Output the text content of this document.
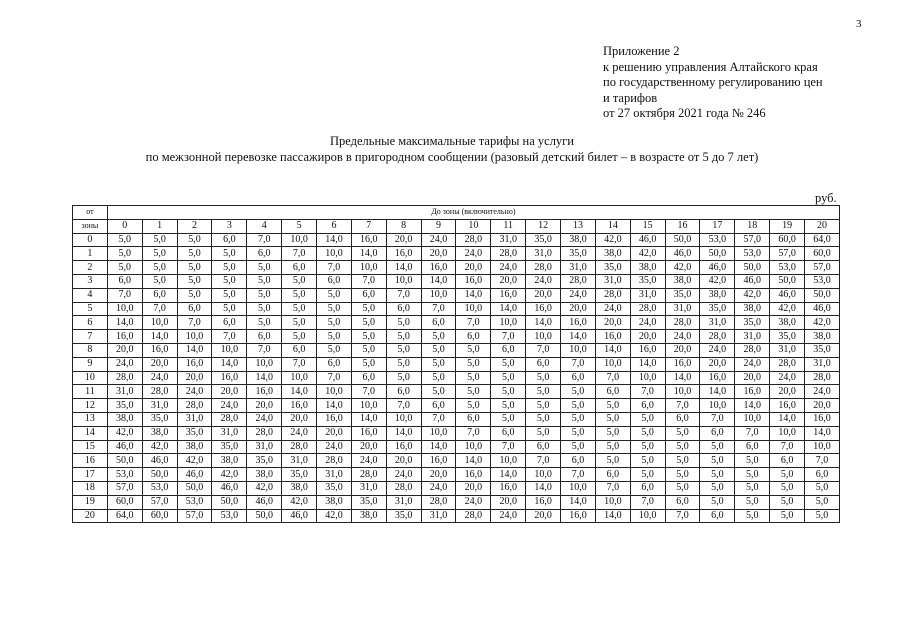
3
Приложение 2
к решению управления Алтайского края
по государственному регулированию цен
и тарифов
от 27 октября 2021 года № 246
Предельные максимальные тарифы на услуги
по межзонной перевозке пассажиров в пригородном сообщении (разовый детский билет – в возрасте от 5 до 7 лет)
руб.
от	До зоны (включительно)																				
зоны	0	1	2	3	4	5	6	7	8	9	10	11	12	13	14	15	16	17	18	19	20
0	5,0	5,0	5,0	6,0	7,0	10,0	14,0	16,0	20,0	24,0	28,0	31,0	35,0	38,0	42,0	46,0	50,0	53,0	57,0	60,0	64,0
1	5,0	5,0	5,0	5,0	6,0	7,0	10,0	14,0	16,0	20,0	24,0	28,0	31,0	35,0	38,0	42,0	46,0	50,0	53,0	57,0	60,0
2	5,0	5,0	5,0	5,0	5,0	6,0	7,0	10,0	14,0	16,0	20,0	24,0	28,0	31,0	35,0	38,0	42,0	46,0	50,0	53,0	57,0
3	6,0	5,0	5,0	5,0	5,0	5,0	6,0	7,0	10,0	14,0	16,0	20,0	24,0	28,0	31,0	35,0	38,0	42,0	46,0	50,0	53,0
4	7,0	6,0	5,0	5,0	5,0	5,0	5,0	6,0	7,0	10,0	14,0	16,0	20,0	24,0	28,0	31,0	35,0	38,0	42,0	46,0	50,0
5	10,0	7,0	6,0	5,0	5,0	5,0	5,0	5,0	6,0	7,0	10,0	14,0	16,0	20,0	24,0	28,0	31,0	35,0	38,0	42,0	46,0
6	14,0	10,0	7,0	6,0	5,0	5,0	5,0	5,0	5,0	6,0	7,0	10,0	14,0	16,0	20,0	24,0	28,0	31,0	35,0	38,0	42,0
7	16,0	14,0	10,0	7,0	6,0	5,0	5,0	5,0	5,0	5,0	6,0	7,0	10,0	14,0	16,0	20,0	24,0	28,0	31,0	35,0	38,0
8	20,0	16,0	14,0	10,0	7,0	6,0	5,0	5,0	5,0	5,0	5,0	6,0	7,0	10,0	14,0	16,0	20,0	24,0	28,0	31,0	35,0
9	24,0	20,0	16,0	14,0	10,0	7,0	6,0	5,0	5,0	5,0	5,0	5,0	6,0	7,0	10,0	14,0	16,0	20,0	24,0	28,0	31,0
10	28,0	24,0	20,0	16,0	14,0	10,0	7,0	6,0	5,0	5,0	5,0	5,0	5,0	6,0	7,0	10,0	14,0	16,0	20,0	24,0	28,0
11	31,0	28,0	24,0	20,0	16,0	14,0	10,0	7,0	6,0	5,0	5,0	5,0	5,0	5,0	6,0	7,0	10,0	14,0	16,0	20,0	24,0
12	35,0	31,0	28,0	24,0	20,0	16,0	14,0	10,0	7,0	6,0	5,0	5,0	5,0	5,0	5,0	6,0	7,0	10,0	14,0	16,0	20,0
13	38,0	35,0	31,0	28,0	24,0	20,0	16,0	14,0	10,0	7,0	6,0	5,0	5,0	5,0	5,0	5,0	6,0	7,0	10,0	14,0	16,0
14	42,0	38,0	35,0	31,0	28,0	24,0	20,0	16,0	14,0	10,0	7,0	6,0	5,0	5,0	5,0	5,0	5,0	6,0	7,0	10,0	14,0
15	46,0	42,0	38,0	35,0	31,0	28,0	24,0	20,0	16,0	14,0	10,0	7,0	6,0	5,0	5,0	5,0	5,0	5,0	6,0	7,0	10,0
16	50,0	46,0	42,0	38,0	35,0	31,0	28,0	24,0	20,0	16,0	14,0	10,0	7,0	6,0	5,0	5,0	5,0	5,0	5,0	6,0	7,0
17	53,0	50,0	46,0	42,0	38,0	35,0	31,0	28,0	24,0	20,0	16,0	14,0	10,0	7,0	6,0	5,0	5,0	5,0	5,0	5,0	6,0
18	57,0	53,0	50,0	46,0	42,0	38,0	35,0	31,0	28,0	24,0	20,0	16,0	14,0	10,0	7,0	6,0	5,0	5,0	5,0	5,0	5,0
19	60,0	57,0	53,0	50,0	46,0	42,0	38,0	35,0	31,0	28,0	24,0	20,0	16,0	14,0	10,0	7,0	6,0	5,0	5,0	5,0	5,0
20	64,0	60,0	57,0	53,0	50,0	46,0	42,0	38,0	35,0	31,0	28,0	24,0	20,0	16,0	14,0	10,0	7,0	6,0	5,0	5,0	5,0
